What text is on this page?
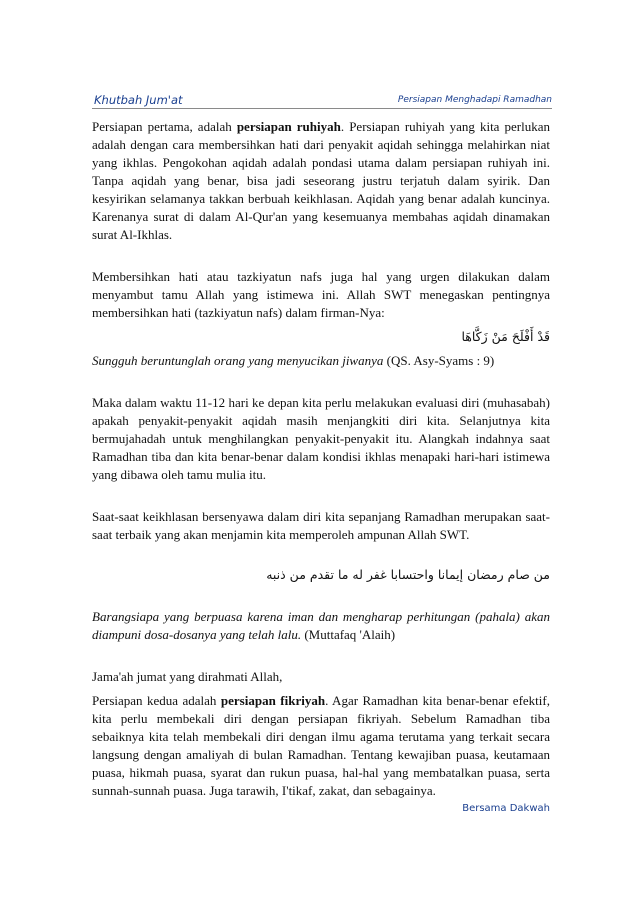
Khutbah Jum'at	Persiapan Menghadapi Ramadhan

Persiapan pertama, adalah persiapan ruhiyah. Persiapan ruhiyah yang kita perlukan adalah dengan cara membersihkan hati dari penyakit aqidah sehingga melahirkan niat yang ikhlas. Pengokohan aqidah adalah pondasi utama dalam persiapan ruhiyah ini. Tanpa aqidah yang benar, bisa jadi seseorang justru terjatuh dalam syirik. Dan kesyirikan selamanya takkan berbuah keikhlasan. Aqidah yang benar adalah kuncinya. Karenanya surat di dalam Al-Qur'an yang kesemuanya membahas aqidah dinamakan surat Al-Ikhlas.

Membersihkan hati atau tazkiyatun nafs juga hal yang urgen dilakukan dalam menyambut tamu Allah yang istimewa ini. Allah SWT menegaskan pentingnya membersihkan hati (tazkiyatun nafs) dalam firman-Nya:

قَدْ أَفْلَحَ مَنْ زَكَّاهَا

Sungguh beruntunglah orang yang menyucikan jiwanya (QS. Asy-Syams : 9)

Maka dalam waktu 11-12 hari ke depan kita perlu melakukan evaluasi diri (muhasabah) apakah penyakit-penyakit aqidah masih menjangkiti diri kita. Selanjutnya kita bermujahadah untuk menghilangkan penyakit-penyakit itu. Alangkah indahnya saat Ramadhan tiba dan kita benar-benar dalam kondisi ikhlas menapaki hari-hari istimewa yang dibawa oleh tamu mulia itu.

Saat-saat keikhlasan bersenyawa dalam diri kita sepanjang Ramadhan merupakan saat-saat terbaik yang akan menjamin kita memperoleh ampunan Allah SWT.

من صام رمضان إيمانا واحتسابا غفر له ما تقدم من ذنبه

Barangsiapa yang berpuasa karena iman dan mengharap perhitungan (pahala) akan diampuni dosa-dosanya yang telah lalu. (Muttafaq 'Alaih)

Jama'ah jumat yang dirahmati Allah,

Persiapan kedua adalah persiapan fikriyah. Agar Ramadhan kita benar-benar efektif, kita perlu membekali diri dengan persiapan fikriyah. Sebelum Ramadhan tiba sebaiknya kita telah membekali diri dengan ilmu agama terutama yang terkait secara langsung dengan amaliyah di bulan Ramadhan. Tentang kewajiban puasa, keutamaan puasa, hikmah puasa, syarat dan rukun puasa, hal-hal yang membatalkan puasa, serta sunnah-sunnah puasa. Juga tarawih, I'tikaf, zakat, dan sebagainya.

Bersama Dakwah
